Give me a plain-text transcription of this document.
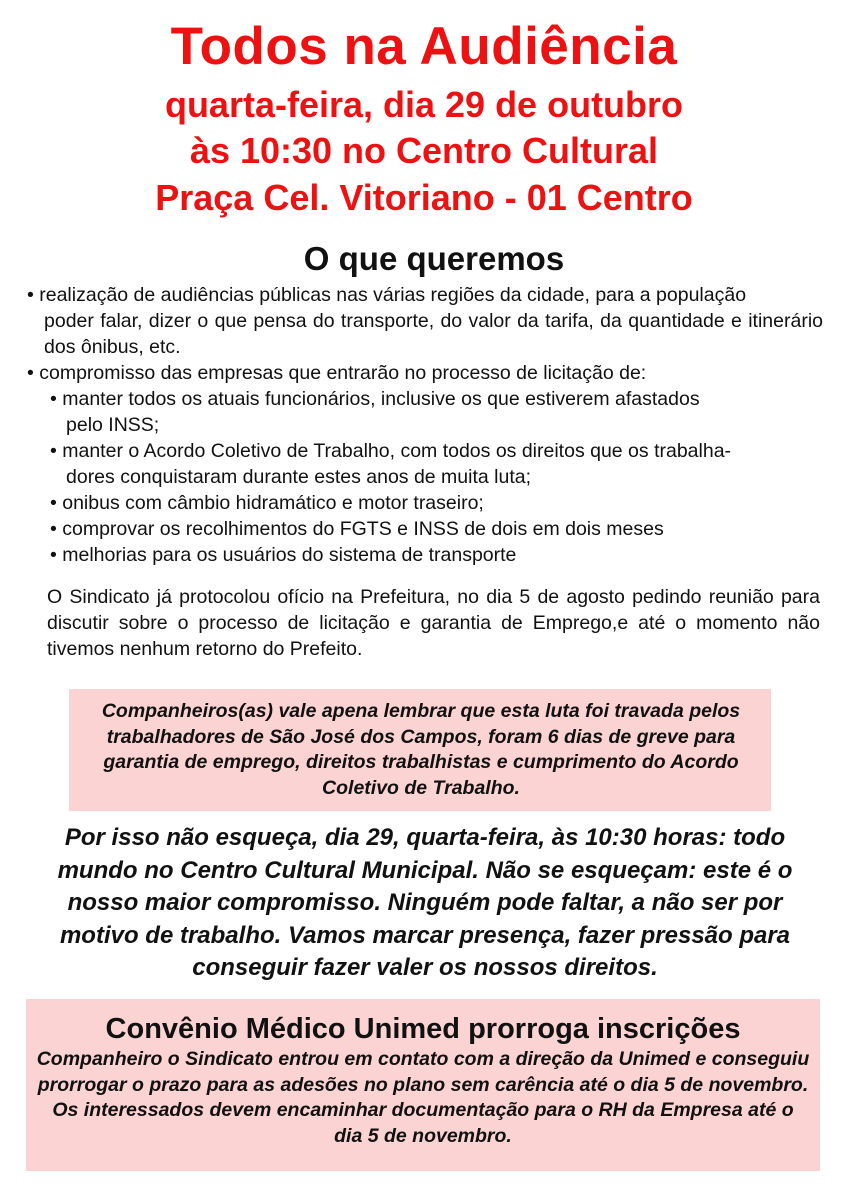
Todos na Audiência
quarta-feira, dia 29 de outubro
às 10:30 no Centro Cultural
Praça Cel. Vitoriano - 01 Centro
O que queremos
• realização de audiências públicas nas várias regiões da cidade, para a população
poder falar, dizer o que pensa do transporte, do valor da tarifa, da quantidade e itinerário dos ônibus, etc.
• compromisso das empresas que entrarão no processo de licitação de:
• manter todos os atuais funcionários, inclusive os que estiverem afastados
pelo INSS;
• manter o Acordo Coletivo de Trabalho, com todos os direitos que os trabalha-
dores conquistaram durante estes anos de muita luta;
• onibus com câmbio hidramático e motor traseiro;
• comprovar os recolhimentos do FGTS e INSS de dois em dois meses
• melhorias para os usuários do sistema de transporte
O Sindicato já protocolou ofício na Prefeitura, no dia 5 de agosto pedindo reunião para discutir sobre o processo de licitação e garantia de Emprego,e até o momento não tivemos nenhum retorno do Prefeito.
Companheiros(as) vale apena lembrar que esta luta foi travada pelos trabalhadores de São José dos Campos, foram 6 dias de greve para garantia de emprego, direitos trabalhistas e cumprimento do Acordo Coletivo de Trabalho.
Por isso não esqueça, dia 29, quarta-feira, às 10:30 horas: todo mundo no Centro Cultural Municipal. Não se esqueçam: este é o nosso maior compromisso. Ninguém pode faltar, a não ser por motivo de trabalho. Vamos marcar presença, fazer pressão para conseguir fazer valer os nossos direitos.
Convênio Médico Unimed prorroga inscrições
Companheiro o Sindicato entrou em contato com a direção da Unimed e conseguiu prorrogar o prazo para as adesões no plano sem carência até o dia 5 de novembro. Os interessados devem encaminhar documentação para o RH da Empresa até o dia 5 de novembro.
